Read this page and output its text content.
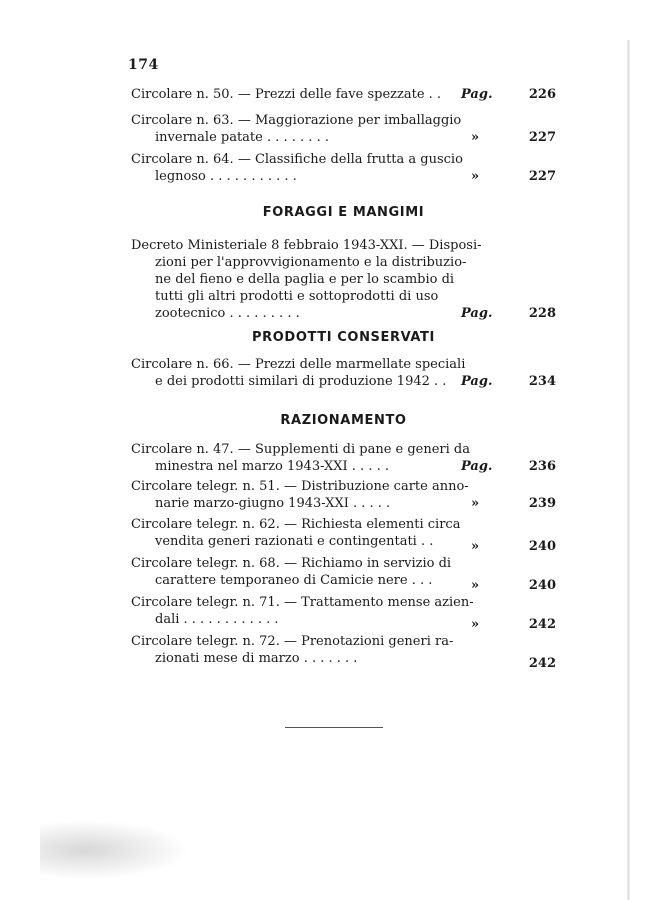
174
Circolare n. 50. — Prezzi delle fave spezzate . . Pag.	226
Circolare n. 63. — Maggiorazione per imballaggio
invernale patate . . . . . . . .	»	227
Circolare n. 64. — Classifiche della frutta a guscio
legnoso . . . . . . . . . . .	»	227
FORAGGI E MANGIMI
Decreto Ministeriale 8 febbraio 1943-XXI. — Disposi-
zioni per l'approvvigionamento e la distribuzio-
ne del fieno e della paglia e per lo scambio di
tutti gli altri prodotti e sottoprodotti di uso
zootecnico . . . . . . . . .	Pag.	228
PRODOTTI CONSERVATI
Circolare n. 66. — Prezzi delle marmellate speciali
e dei prodotti similari di produzione 1942 . . Pag.	234
RAZIONAMENTO
Circolare n. 47. — Supplementi di pane e generi da
minestra nel marzo 1943-XXI . . . . .	Pag.	236
Circolare telegr. n. 51. — Distribuzione carte anno-
narie marzo-giugno 1943-XXI . . . . .	»	239
Circolare telegr. n. 62. — Richiesta elementi circa
vendita generi razionati e contingentati . .	»	240
Circolare telegr. n. 68. — Richiamo in servizio di
carattere temporaneo di Camicie nere . . .	»	240
Circolare telegr. n. 71. — Trattamento mense azien-
dali . . . . . . . . . . . .	»	242
Circolare telegr. n. 72. — Prenotazioni generi ra-
zionati mese di marzo . . . . . . .	242
